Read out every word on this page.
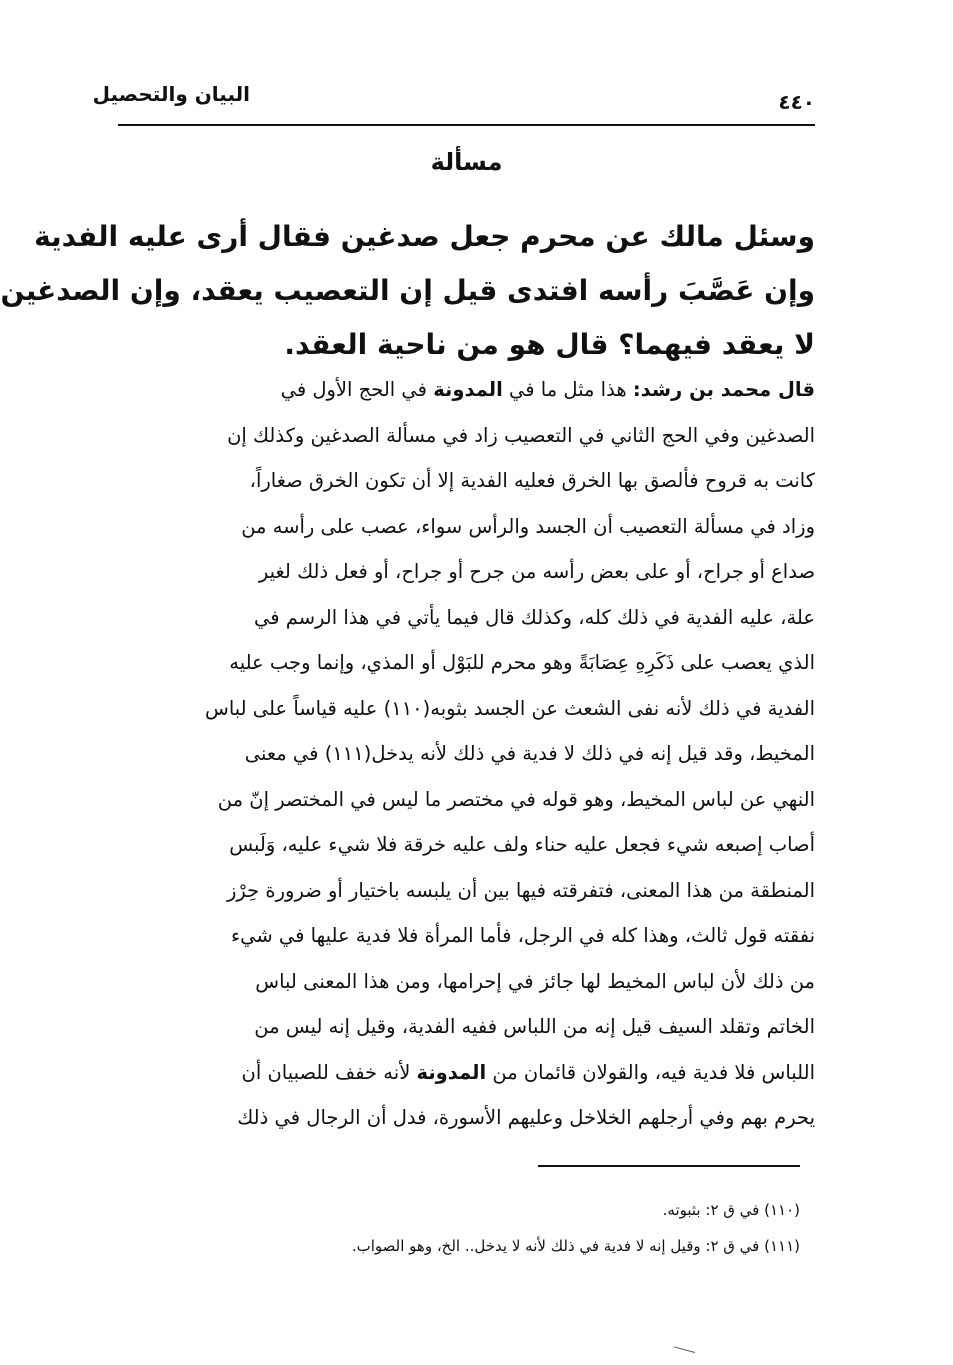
البيان والتحصيل	٤٤٠
مسألة
وسئل مالك عن محرم جعل صدغين فقال أرى عليه الفدية
وإن عَصَّبَ رأسه افتدى قيل إن التعصيب يعقد، وإن الصدغين
لا يعقد فيهما؟ قال هو من ناحية العقد.
قال محمد بن رشد: هذا مثل ما في المدونة في الحج الأول في
الصدغين وفي الحج الثاني في التعصيب زاد في مسألة الصدغين وكذلك إن
كانت به قروح فألصق بها الخرق فعليه الفدية إلا أن تكون الخرق صغاراً،
وزاد في مسألة التعصيب أن الجسد والرأس سواء، عصب على رأسه من
صداع أو جراح، أو على بعض رأسه من جرح أو جراح، أو فعل ذلك لغير
علة، عليه الفدية في ذلك كله، وكذلك قال فيما يأتي في هذا الرسم في
الذي يعصب على ذَكَرِهِ عِصَابَةً وهو محرم للبَوْل أو المذي، وإنما وجب عليه
الفدية في ذلك لأنه نفى الشعث عن الجسد بثوبه(١١٠) عليه قياساً على لباس
المخيط، وقد قيل إنه في ذلك لا فدية في ذلك لأنه يدخل(١١١) في معنى
النهي عن لباس المخيط، وهو قوله في مختصر ما ليس في المختصر إنّ من
أصاب إصبعه شيء فجعل عليه حناء ولف عليه خرقة فلا شيء عليه، وَلَبس
المنطقة من هذا المعنى، فتفرقته فيها بين أن يلبسه باختيار أو ضرورة حِرْز
نفقته قول ثالث، وهذا كله في الرجل، فأما المرأة فلا فدية عليها في شيء
من ذلك لأن لباس المخيط لها جائز في إحرامها، ومن هذا المعنى لباس
الخاتم وتقلد السيف قيل إنه من اللباس ففيه الفدية، وقيل إنه ليس من
اللباس فلا فدية فيه، والقولان قائمان من المدونة لأنه خفف للصبيان أن
يحرم بهم وفي أرجلهم الخلاخل وعليهم الأسورة، فدل أن الرجال في ذلك
(١١٠) في ق ٢: بثبوته.
(١١١) في ق ٢: وقيل إنه لا فدية في ذلك لأنه لا يدخل.. الخ، وهو الصواب.
